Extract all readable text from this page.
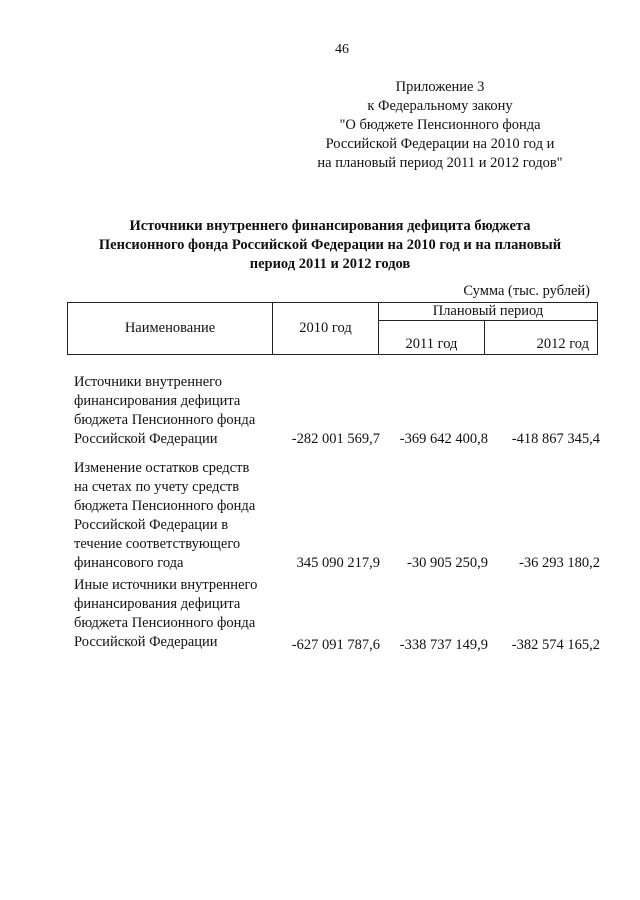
46
Приложение 3
к Федеральному закону
"О бюджете Пенсионного фонда
Российской Федерации на 2010 год и
на плановый период 2011 и 2012 годов"
Источники внутреннего финансирования дефицита бюджета
Пенсионного фонда Российской Федерации на 2010 год и на плановый
период 2011 и 2012 годов
Сумма (тыс. рублей)
Наименование	2010 год	Плановый период	

		2011 год	2012 год
Источники внутреннего
финансирования дефицита
бюджета Пенсионного фонда
Российской Федерации	-282 001 569,7	-369 642 400,8	-418 867 345,4
Изменение остатков средств
на счетах по учету средств
бюджета Пенсионного фонда
Российской Федерации в
течение соответствующего
финансового года	345 090 217,9	-30 905 250,9	-36 293 180,2
Иные источники внутреннего
финансирования дефицита
бюджета Пенсионного фонда
Российской Федерации	-627 091 787,6	-338 737 149,9	-382 574 165,2
